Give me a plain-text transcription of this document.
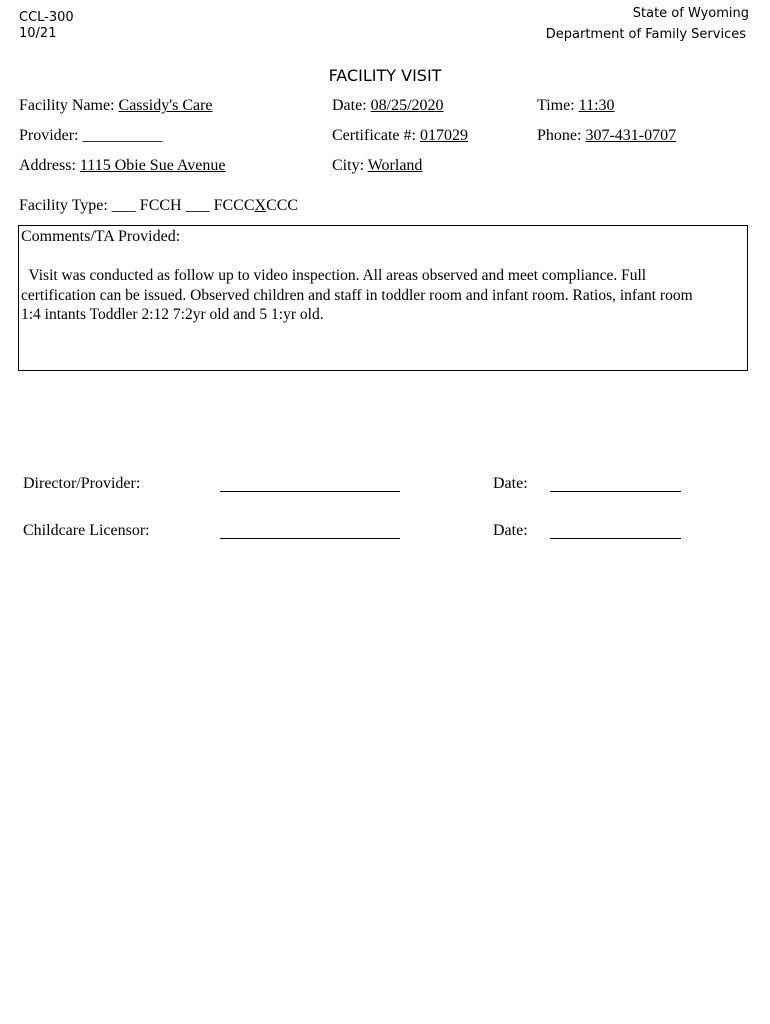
CCL-300
10/21
State of Wyoming
Department of Family Services
FACILITY VISIT
Facility Name: Cassidy's Care	Date: 08/25/2020	Time: 11:30
Provider: __________	Certificate #: 017029	Phone: 307-431-0707
Address: 1115 Obie Sue Avenue	City: Worland
Facility Type: ___ FCCH ___ FCCCXCCC
Comments/TA Provided:
Visit was conducted as follow up to video inspection. All areas observed and meet compliance. Full
certification can be issued. Observed children and staff in toddler room and infant room. Ratios, infant room
1:4 intants Toddler 2:12 7:2yr old and 5 1:yr old.
Director/Provider:	Date:
Childcare Licensor:	Date:
